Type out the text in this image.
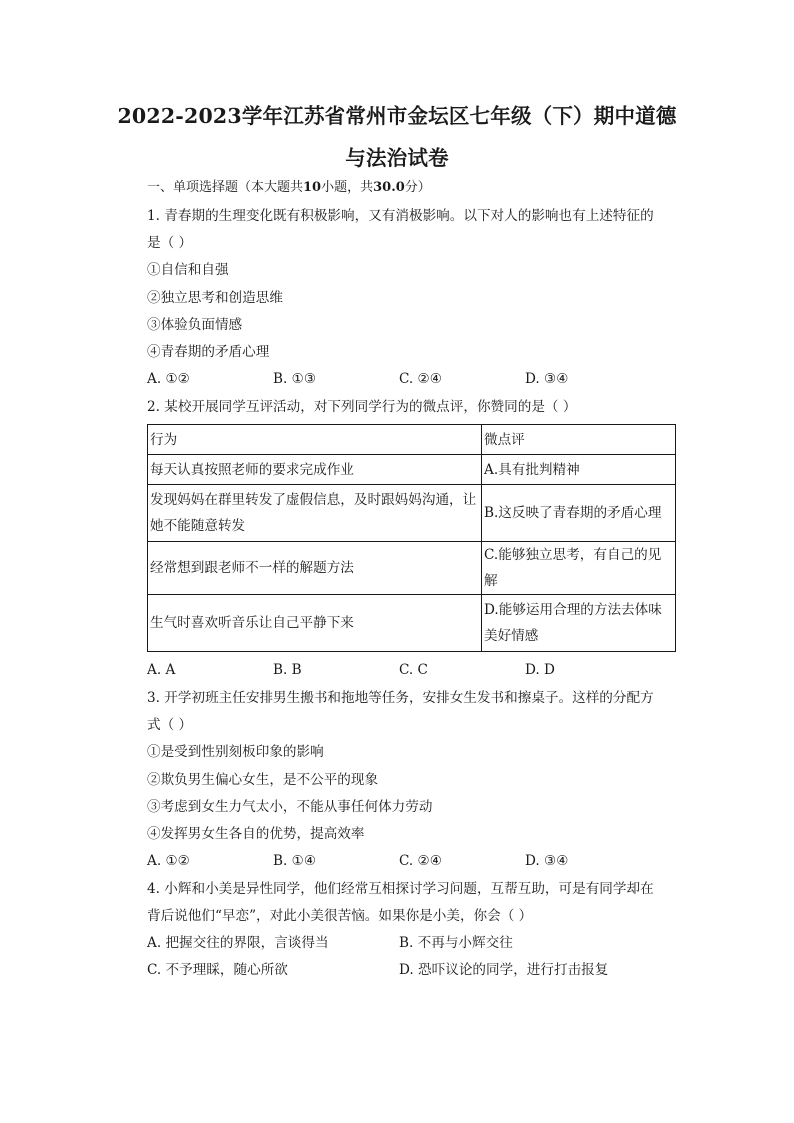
2022-2023学年江苏省常州市金坛区七年级（下）期中道德
与法治试卷
一、单项选择题（本大题共10小题，共30.0分）
1. 青春期的生理变化既有积极影响，又有消极影响。以下对人的影响也有上述特征的
是（ ）
①自信和自强
②独立思考和创造思维
③体验负面情感
④青春期的矛盾心理
A. ①②	B. ①③	C. ②④	D. ③④
2. 某校开展同学互评活动，对下列同学行为的微点评，你赞同的是（ ）
行为	微点评
每天认真按照老师的要求完成作业	A.具有批判精神
发现妈妈在群里转发了虚假信息，及时跟妈妈沟通，让她不能随意转发	B.这反映了青春期的矛盾心理
经常想到跟老师不一样的解题方法	C.能够独立思考，有自己的见解
生气时喜欢听音乐让自己平静下来	D.能够运用合理的方法去体味美好情感
A. A	B. B	C. C	D. D
3. 开学初班主任安排男生搬书和拖地等任务，安排女生发书和擦桌子。这样的分配方
式（ ）
①是受到性别刻板印象的影响
②欺负男生偏心女生，是不公平的现象
③考虑到女生力气太小，不能从事任何体力劳动
④发挥男女生各自的优势，提高效率
A. ①②	B. ①④	C. ②④	D. ③④
4. 小辉和小美是异性同学，他们经常互相探讨学习问题，互帮互助，可是有同学却在
背后说他们“早恋”，对此小美很苦恼。如果你是小美，你会（ ）
A. 把握交往的界限，言谈得当	B. 不再与小辉交往
C. 不予理睬，随心所欲	D. 恐吓议论的同学，进行打击报复
